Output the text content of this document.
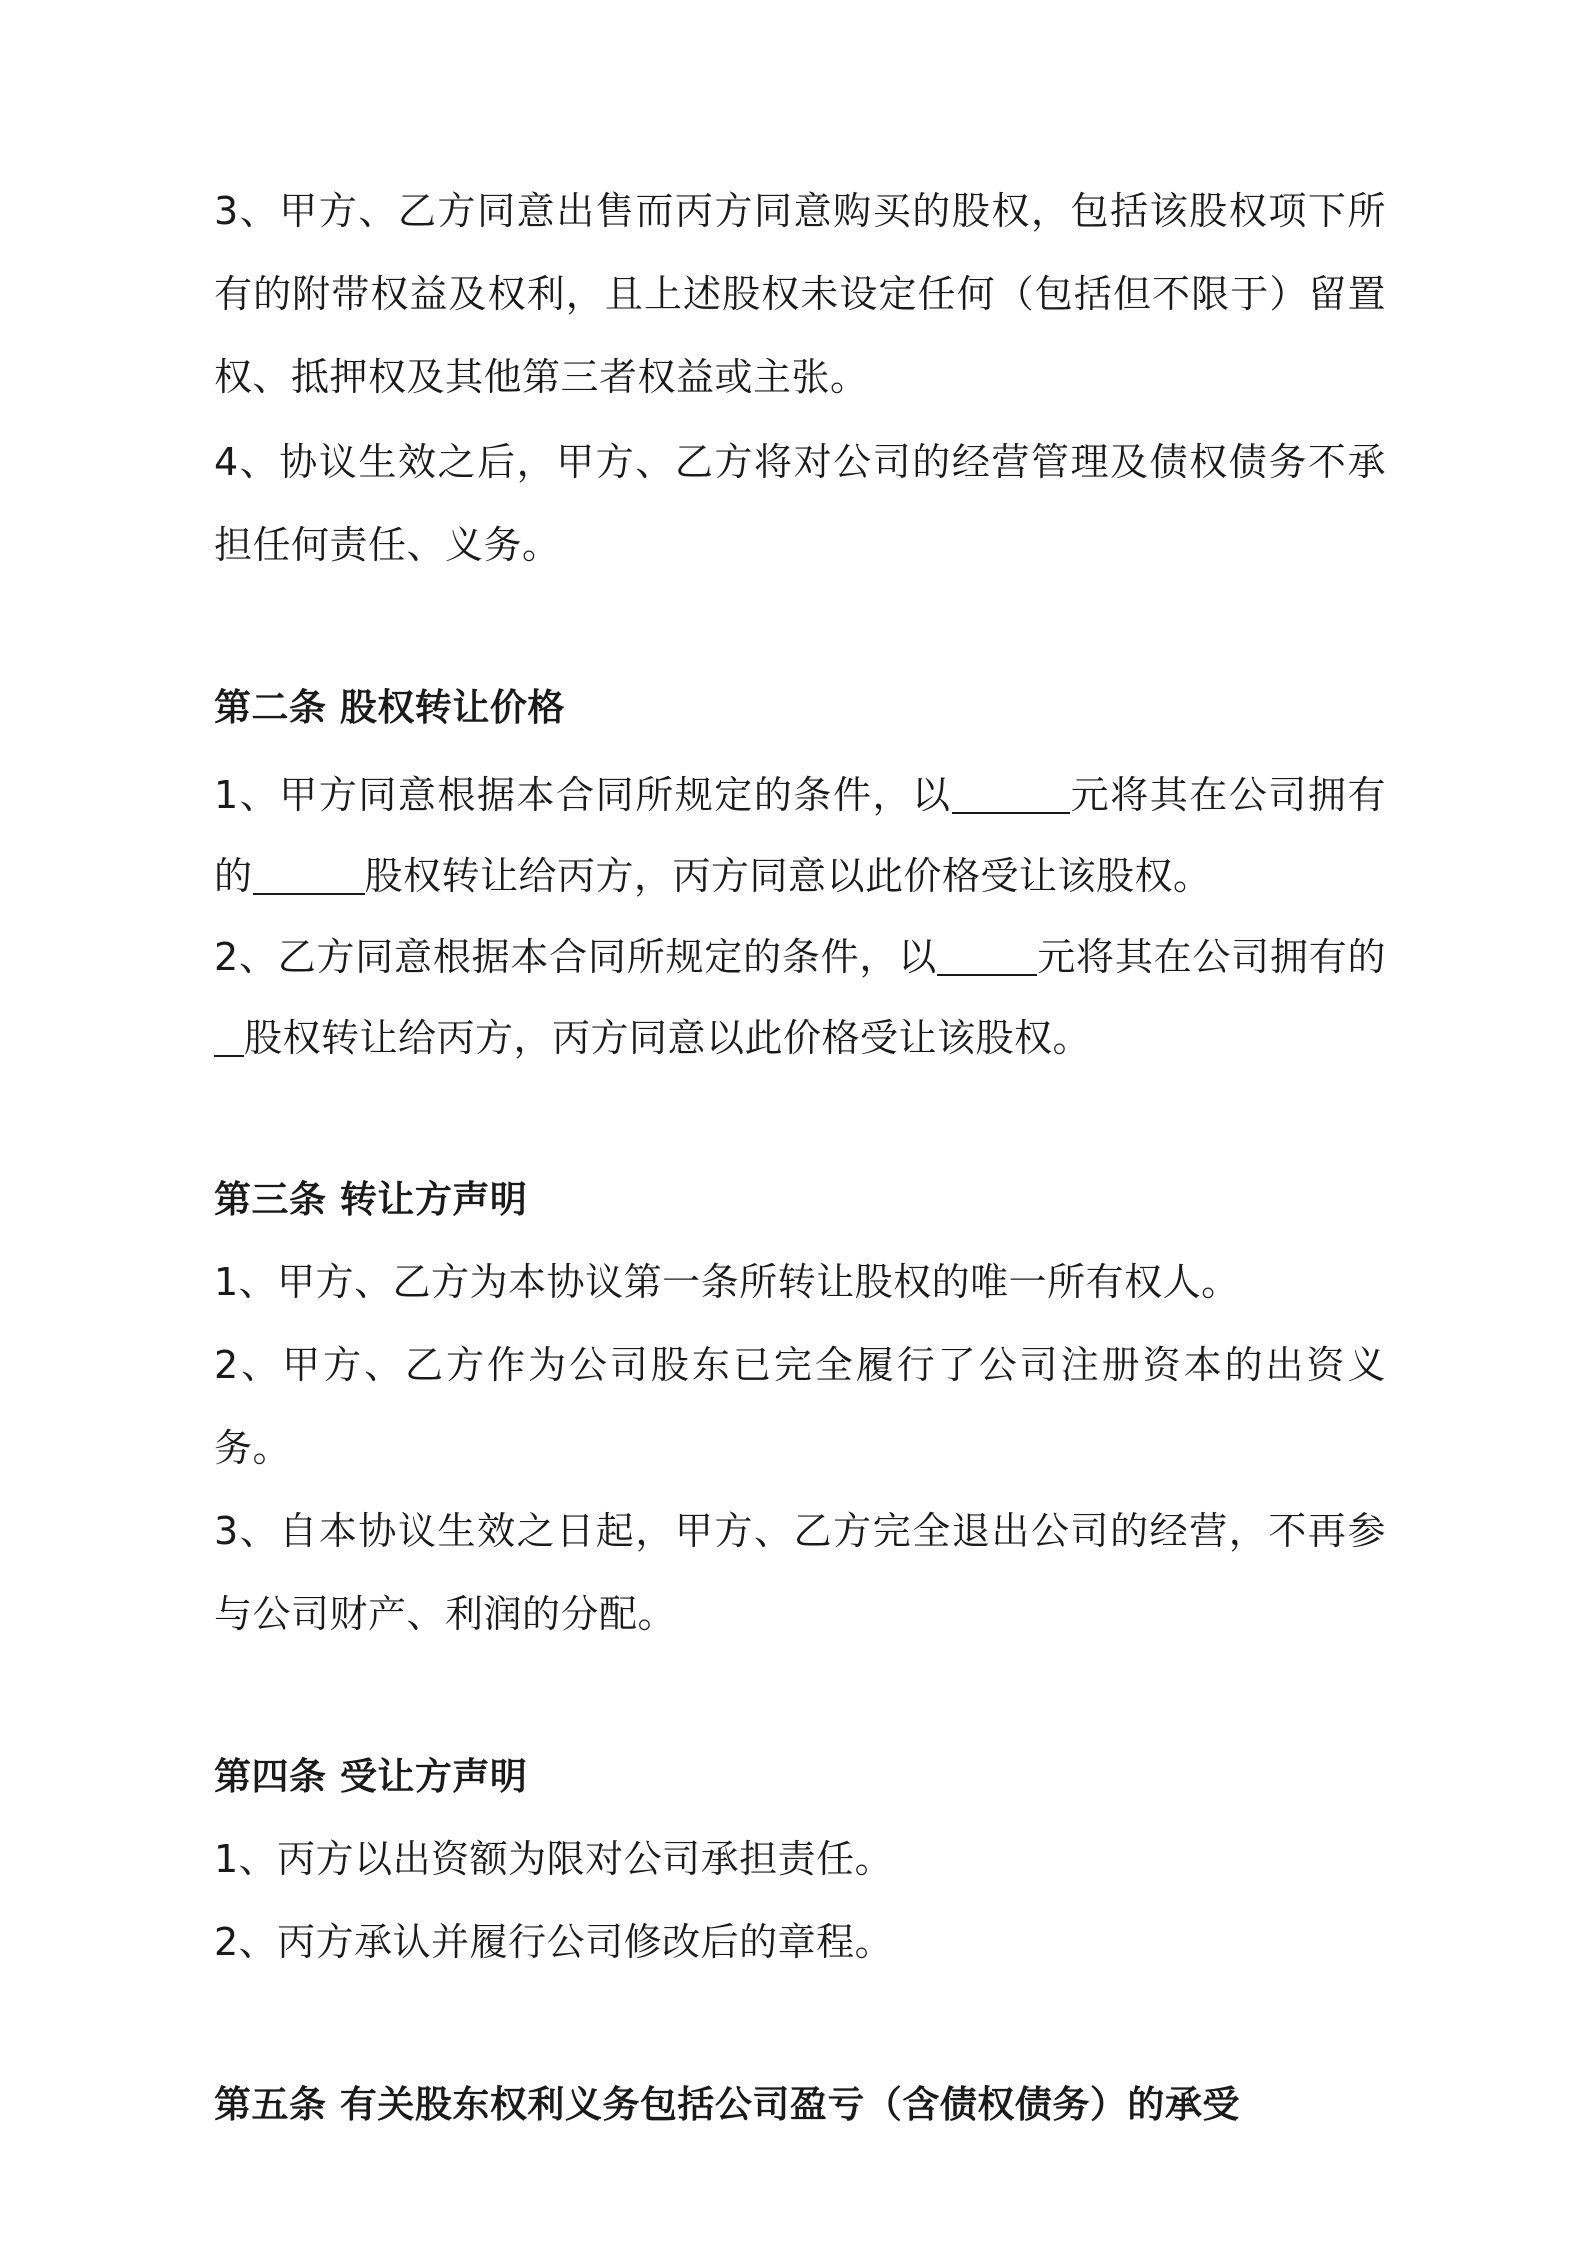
3、甲方、乙方同意出售而丙方同意购买的股权，包括该股权项下所有的附带权益及权利，且上述股权未设定任何（包括但不限于）留置权、抵押权及其他第三者权益或主张。

4、协议生效之后，甲方、乙方将对公司的经营管理及债权债务不承担任何责任、义务。

第二条 股权转让价格

1、甲方同意根据本合同所规定的条件，以	元将其在公司拥有的	股权转让给丙方，丙方同意以此价格受让该股权。

2、乙方同意根据本合同所规定的条件，以	元将其在公司拥有的股权转让给丙方，丙方同意以此价格受让该股权。

第三条 转让方声明

1、甲方、乙方为本协议第一条所转让股权的唯一所有权人。

2、甲方、乙方作为公司股东已完全履行了公司注册资本的出资义务。

3、自本协议生效之日起，甲方、乙方完全退出公司的经营，不再参与公司财产、利润的分配。

第四条 受让方声明

1、丙方以出资额为限对公司承担责任。

2、丙方承认并履行公司修改后的章程。

第五条 有关股东权利义务包括公司盈亏（含债权债务）的承受
